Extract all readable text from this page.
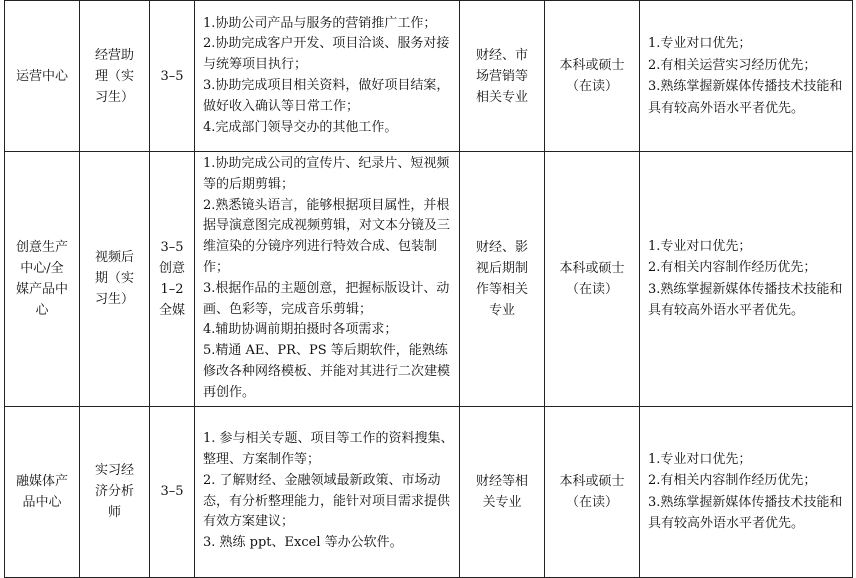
运营中心	经营助理（实习生）	3–5	1.协助公司产品与服务的营销推广工作；
2.协助完成客户开发、项目洽谈、服务对接与统筹项目执行；
3.协助完成项目相关资料，做好项目结案，做好收入确认等日常工作；
4.完成部门领导交办的其他工作。	财经、市场营销等相关专业	本科或硕士（在读）	1.专业对口优先；
2.有相关运营实习经历优先；
3.熟练掌握新媒体传播技术技能和具有较高外语水平者优先。

创意生产中心/全媒产品中心	视频后期（实习生）	3–5 创意 1–2 全媒	1.协助完成公司的宣传片、纪录片、短视频等的后期剪辑；
2.熟悉镜头语言，能够根据项目属性，并根据导演意图完成视频剪辑，对文本分镜及三维渲染的分镜序列进行特效合成、包装制作；
3.根据作品的主题创意，把握标版设计、动画、色彩等，完成音乐剪辑；
4.辅助协调前期拍摄时各项需求；
5.精通 AE、PR、PS 等后期软件，能熟练修改各种网络模板、并能对其进行二次建模再创作。	财经、影视后期制作等相关专业	本科或硕士（在读）	1.专业对口优先；
2.有相关内容制作经历优先；
3.熟练掌握新媒体传播技术技能和具有较高外语水平者优先。

融媒体产品中心	实习经济分析师	3–5	1. 参与相关专题、项目等工作的资料搜集、整理、方案制作等；
2. 了解财经、金融领域最新政策、市场动态，有分析整理能力，能针对项目需求提供有效方案建议；
3. 熟练 ppt、Excel 等办公软件。	财经等相关专业	本科或硕士（在读）	1.专业对口优先；
2.有相关内容制作经历优先；
3.熟练掌握新媒体传播技术技能和具有较高外语水平者优先。
